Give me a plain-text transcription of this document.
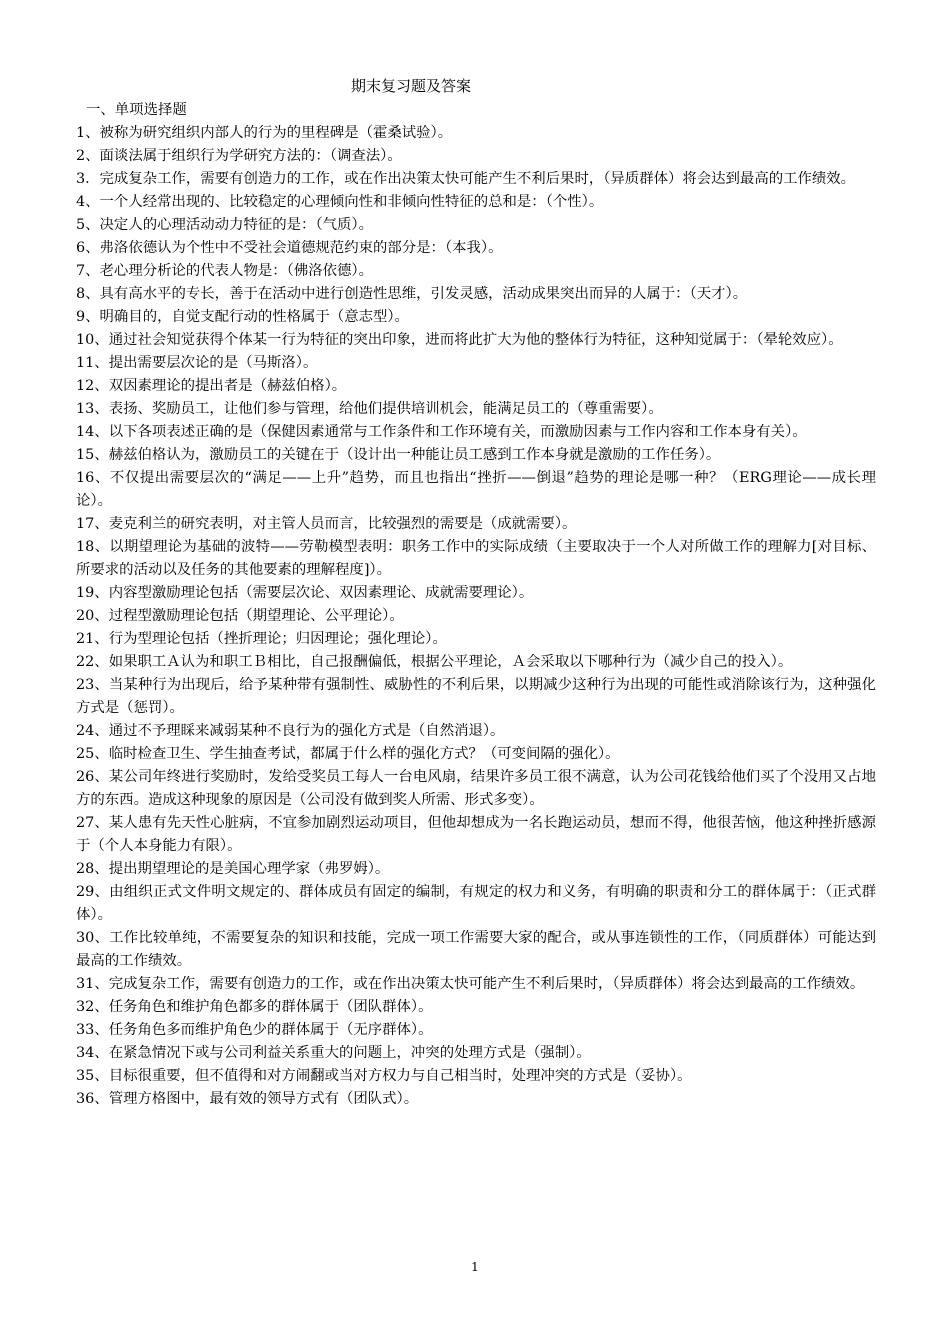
期末复习题及答案
一、单项选择题

1、被称为研究组织内部人的行为的里程碑是（霍桑试验）。

2、面谈法属于组织行为学研究方法的：（调查法）。

3．完成复杂工作，需要有创造力的工作，或在作出决策太快可能产生不利后果时，（异质群体）将会达到最高的工作绩效。

4、一个人经常出现的、比较稳定的心理倾向性和非倾向性特征的总和是：（个性）。

5、决定人的心理活动动力特征的是：（气质）。

6、弗洛依德认为个性中不受社会道德规范约束的部分是：（本我）。

7、老心理分析论的代表人物是：（佛洛依德）。

8、具有高水平的专长，善于在活动中进行创造性思维，引发灵感，活动成果突出而异的人属于：（天才）。

9、明确目的，自觉支配行动的性格属于（意志型）。

10、通过社会知觉获得个体某一行为特征的突出印象，进而将此扩大为他的整体行为特征，这种知觉属于：（晕轮效应）。

11、提出需要层次论的是（马斯洛）。

12、双因素理论的提出者是（赫兹伯格）。

13、表扬、奖励员工，让他们参与管理，给他们提供培训机会，能满足员工的（尊重需要）。

14、以下各项表述正确的是（保健因素通常与工作条件和工作环境有关，而激励因素与工作内容和工作本身有关）。

15、赫兹伯格认为，激励员工的关键在于（设计出一种能让员工感到工作本身就是激励的工作任务）。

16、不仅提出需要层次的“满足——上升”趋势，而且也指出“挫折——倒退”趋势的理论是哪一种？（ERG理论——成长理论）。

17、麦克利兰的研究表明，对主管人员而言，比较强烈的需要是（成就需要）。

18、以期望理论为基础的波特——劳勒模型表明：职务工作中的实际成绩（主要取决于一个人对所做工作的理解力[对目标、所要求的活动以及任务的其他要素的理解程度]）。

19、内容型激励理论包括（需要层次论、双因素理论、成就需要理论）。

20、过程型激励理论包括（期望理论、公平理论）。

21、行为型理论包括（挫折理论；归因理论；强化理论）。

22、如果职工Ａ认为和职工Ｂ相比，自己报酬偏低，根据公平理论，Ａ会采取以下哪种行为（减少自己的投入）。

23、当某种行为出现后，给予某种带有强制性、威胁性的不利后果，以期减少这种行为出现的可能性或消除该行为，这种强化方式是（惩罚）。

24、通过不予理睬来减弱某种不良行为的强化方式是（自然消退）。

25、临时检查卫生、学生抽查考试，都属于什么样的强化方式？（可变间隔的强化）。

26、某公司年终进行奖励时，发给受奖员工每人一台电风扇，结果许多员工很不满意，认为公司花钱给他们买了个没用又占地方的东西。造成这种现象的原因是（公司没有做到奖人所需、形式多变）。

27、某人患有先天性心脏病，不宜参加剧烈运动项目，但他却想成为一名长跑运动员，想而不得，他很苦恼，他这种挫折感源于（个人本身能力有限）。

28、提出期望理论的是美国心理学家（弗罗姆）。

29、由组织正式文件明文规定的、群体成员有固定的编制，有规定的权力和义务，有明确的职责和分工的群体属于：（正式群体）。

30、工作比较单纯，不需要复杂的知识和技能，完成一项工作需要大家的配合，或从事连锁性的工作，（同质群体）可能达到最高的工作绩效。

31、完成复杂工作，需要有创造力的工作，或在作出决策太快可能产生不利后果时，（异质群体）将会达到最高的工作绩效。

32、任务角色和维护角色都多的群体属于（团队群体）。

33、任务角色多而维护角色少的群体属于（无序群体）。

34、在紧急情况下或与公司利益关系重大的问题上，冲突的处理方式是（强制）。

35、目标很重要，但不值得和对方闹翻或当对方权力与自己相当时，处理冲突的方式是（妥协）。

36、管理方格图中，最有效的领导方式有（团队式）。

1
